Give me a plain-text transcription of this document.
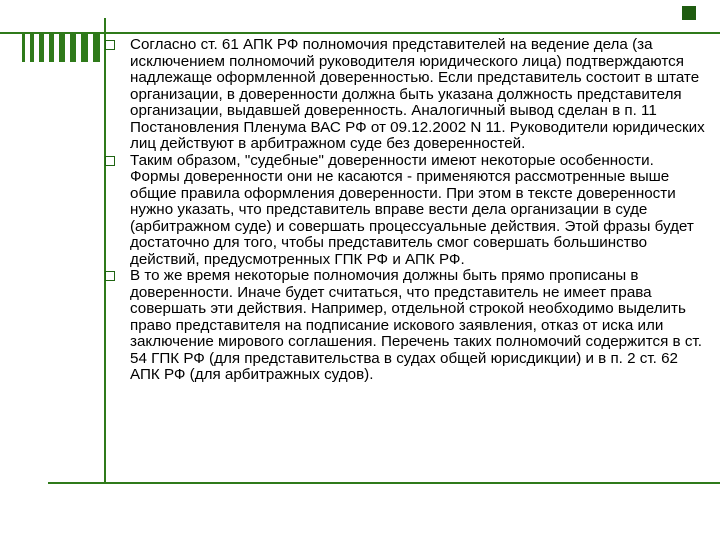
Согласно ст. 61 АПК РФ полномочия представителей на ведение дела (за исключением полномочий руководителя юридического лица) подтверждаются надлежаще оформленной доверенностью. Если представитель состоит в штате организации, в доверенности должна быть указана должность представителя организации, выдавшей доверенность. Аналогичный вывод сделан в п. 11 Постановления Пленума ВАС РФ от 09.12.2002 N 11. Руководители юридических лиц действуют в арбитражном суде без доверенностей.
Таким образом, "судебные" доверенности имеют некоторые особенности. Формы доверенности они не касаются - применяются рассмотренные выше общие правила оформления доверенности. При этом в тексте доверенности нужно указать, что представитель вправе вести дела организации в суде (арбитражном суде) и совершать процессуальные действия. Этой фразы будет достаточно для того, чтобы представитель смог совершать большинство действий, предусмотренных ГПК РФ и АПК РФ.
В то же время некоторые полномочия должны быть прямо прописаны в доверенности. Иначе будет считаться, что представитель не имеет права совершать эти действия. Например, отдельной строкой необходимо выделить право представителя на подписание искового заявления, отказ от иска или заключение мирового соглашения. Перечень таких полномочий содержится в ст. 54 ГПК РФ (для представительства в судах общей юрисдикции) и в п. 2 ст. 62 АПК РФ (для арбитражных судов).
